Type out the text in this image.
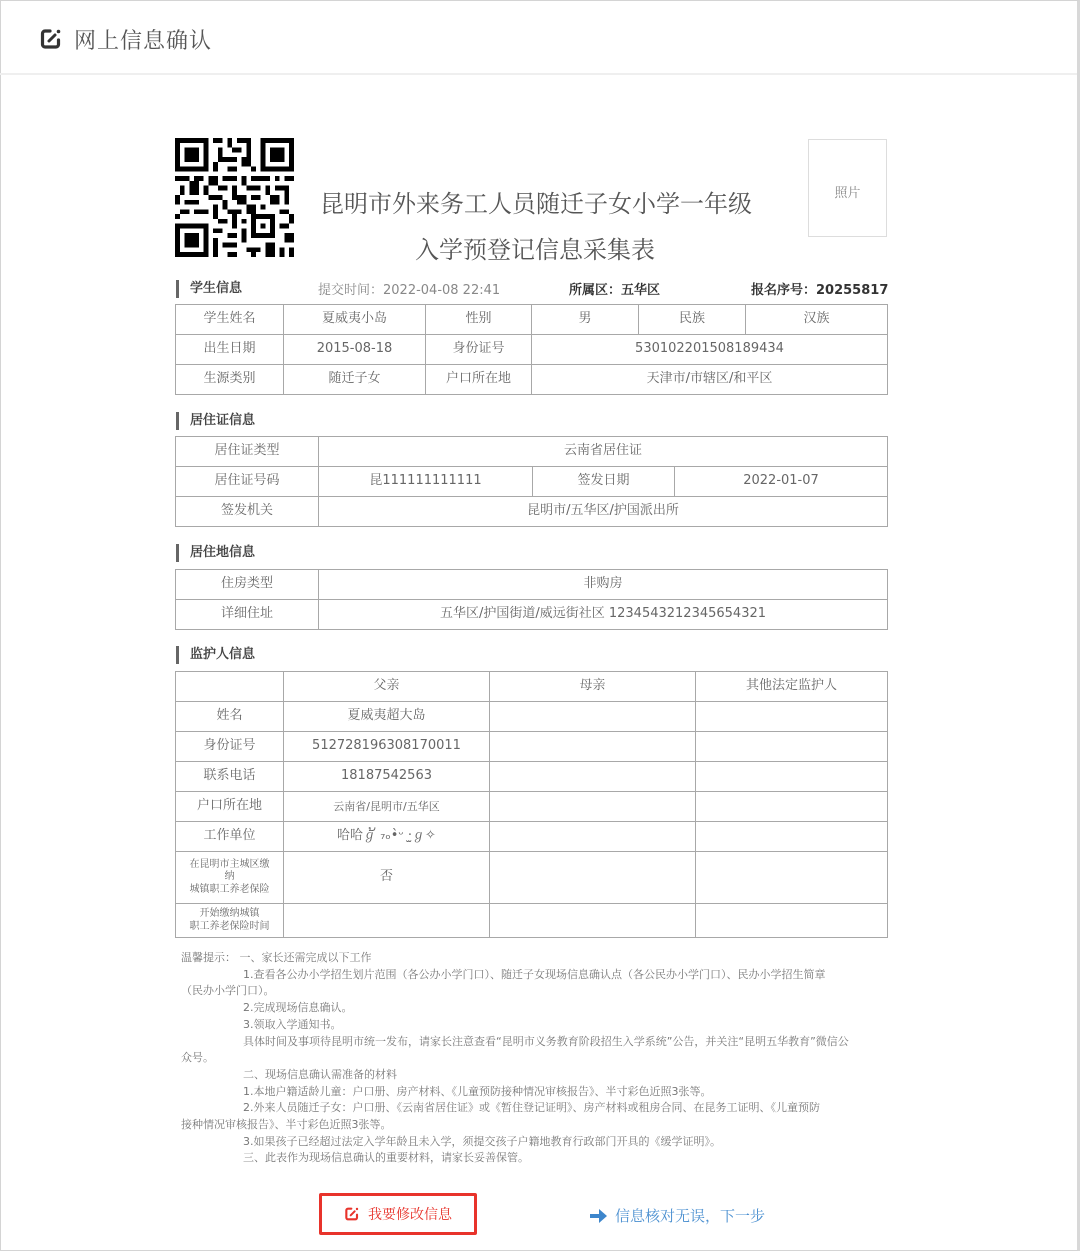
网上信息确认
昆明市外来务工人员随迁子女小学一年级
入学预登记信息采集表
照片
学生信息	提交时间：2022-04-08 22:41	所属区：五华区	报名序号：20255817
学生姓名	夏威夷小岛	性别	男	民族	汉族
出生日期	2015-08-18	身份证号	530102201508189434		
生源类别	随迁子女	户口所在地	天津市/市辖区/和平区		
居住证信息
居住证类型	云南省居住证		
居住证号码	昆111111111111	签发日期	2022-01-07
签发机关	昆明市/五华区/护国派出所		
居住地信息
住房类型	非购房
详细住址	五华区/护国街道/威远街社区 1234543212345654321
监护人信息
	父亲	母亲	其他法定监护人
姓名	夏威夷超大岛		
身份证号	512728196308170011		
联系电话	18187542563		
户口所在地	云南省/昆明市/五华区		
工作单位	哈哈ℊ້ ₇ₒ•̀ᵕ ·̫ℊ✧		

在昆明市主城区缴
纳
城镇职工养老保险	否		

开始缴纳城镇
职工养老保险时间			

温馨提示： 一、家长还需完成以下工作

1.查看各公办小学招生划片范围（各公办小学门口）、随迁子女现场信息确认点（各公民办小学门口）、民办小学招生简章

（民办小学门口）。

2.完成现场信息确认。

3.领取入学通知书。

具体时间及事项待昆明市统一发布，请家长注意查看“昆明市义务教育阶段招生入学系统”公告，并关注“昆明五华教育”微信公

众号。

二、现场信息确认需准备的材料

1.本地户籍适龄儿童：户口册、房产材料、《儿童预防接种情况审核报告》、半寸彩色近照3张等。

2.外来人员随迁子女：户口册、《云南省居住证》或《暂住登记证明》、房产材料或租房合同、在昆务工证明、《儿童预防

接种情况审核报告》、半寸彩色近照3张等。

3.如果孩子已经超过法定入学年龄且未入学，须提交孩子户籍地教育行政部门开具的《缓学证明》。

三、此表作为现场信息确认的重要材料，请家长妥善保管。

我要修改信息	信息核对无误，下一步
